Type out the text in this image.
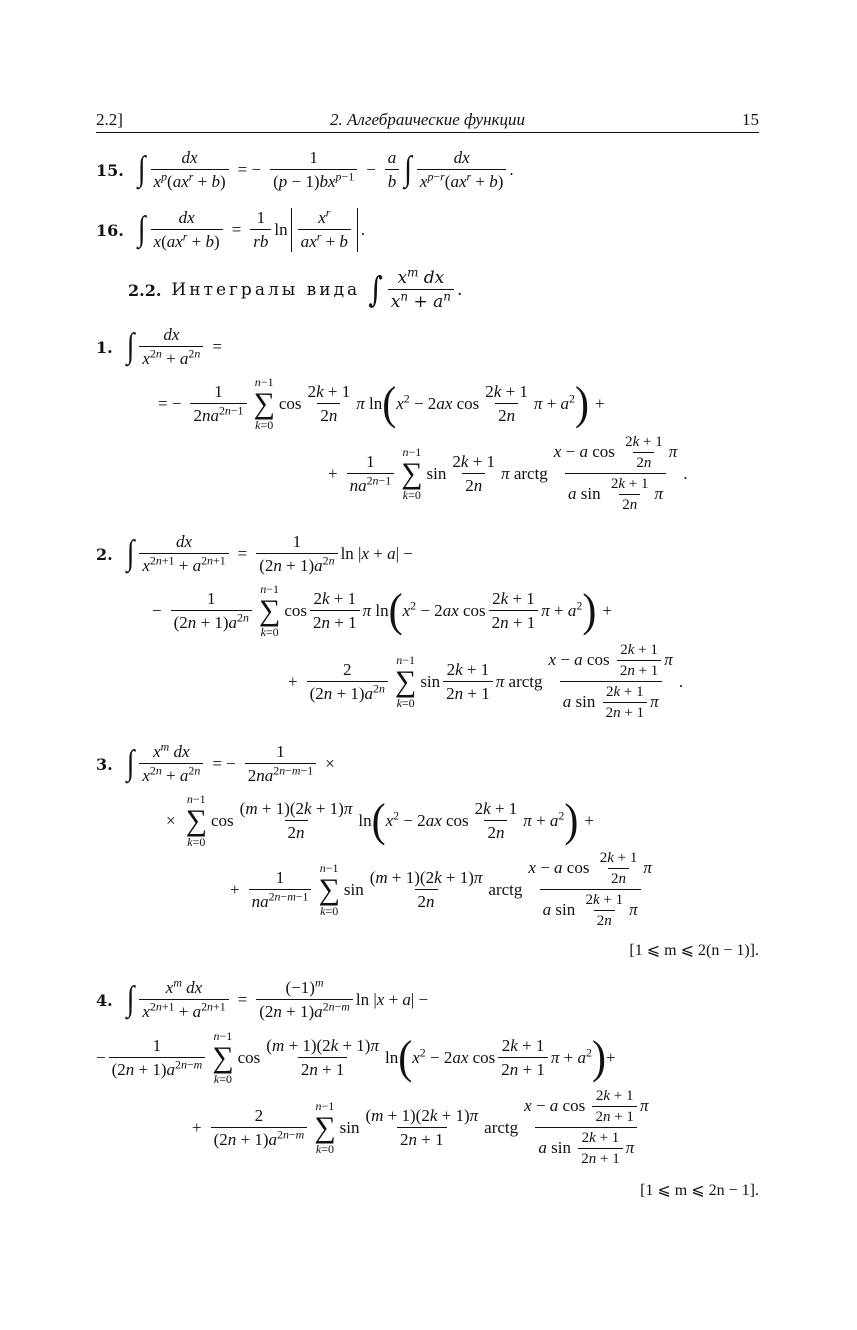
2.2]	2. Алгебраические функции	15
15. ∫ $\frac{dx}{x^p(ax^r + b)}$ = − $\frac{1}{(p - 1)bx^{p-1}} - \frac{a}{b}$ ∫ $\frac{dx}{x^{p-r}(ax^r + b)}$ .
16. ∫ $\frac{dx}{x(ax^r + b)} = \frac{1}{rb}$ $\ln \frac{x^r}{ax^r + b}$ .
2.2. Интегралы вида ∫ $\frac{x^m dx}{x^n + a^n}$ .
1. ∫ $\frac{dx}{x^{2n} + a^{2n}}$ =
= − $\frac{1}{2na^{2n-1}} n-1$
∑
k=0
$\cos \frac{2k + 1}{2n}$ π ln ( $x^2 - 2ax$ $\cos \frac{2k + 1}{2n}$ $\pi + a^2$ ) +
+ $\frac{1}{na^{2n-1}} n-1$
∑
k=0
$\sin \frac{2k + 1}{2n}$ π arctg $\frac{x - a \cos \frac{2k + 1}{2n} \pi}{a \sin \frac{2k + 1}{2n} \pi}$ .
2. ∫ $\frac{dx}{x^{2n+1} + a^{2n+1}} = \frac{1}{(2n + 1)a^{2n}}$ ln |x + a| −
− $\frac{1}{(2n + 1)a^{2n}} n-1$
∑
k=0
$\cos \frac{2k + 1}{2n + 1}$ π ln ( $x^2 - 2ax$ $\cos \frac{2k + 1}{2n + 1}$ $\pi + a^2$ ) +
+ $\frac{2}{(2n + 1)a^{2n}} n-1$
∑
k=0
$\sin \frac{2k + 1}{2n + 1}$ π arctg $\frac{x - a \cos \frac{2k + 1}{2n + 1} \pi}{a \sin \frac{2k + 1}{2n + 1} \pi}$ .
3. ∫ $\frac{x^m dx}{x^{2n} + a^{2n}}$ = − $\frac{1}{2na^{2n-m-1}}$ ×
×
n−1
∑
k=0
$\cos \frac{(m + 1)(2k + 1)\pi}{2n}$ ln ( $x^2 - 2ax$ $\cos \frac{2k + 1}{2n}$ $\pi + a^2$ ) +
+ $\frac{1}{na^{2n-m-1}} n-1$
∑
k=0
$\sin \frac{(m + 1)(2k + 1)\pi}{2n}$ arctg $\frac{x - a \cos \frac{2k + 1}{2n} \pi}{a \sin \frac{2k + 1}{2n} \pi}$
[1 ⩽ m ⩽ 2(n − 1)].
4. ∫ $\frac{x^m dx}{x^{2n+1} + a^{2n+1}} = \frac{(-1)^m}{(2n + 1)a^{2n-m}}$ ln |x + a| −
− $\frac{1}{(2n + 1)a^{2n-m}} n-1$
∑
k=0
$\cos \frac{(m + 1)(2k + 1)\pi}{2n + 1}$ ln ( $x^2 - 2ax$ $\cos \frac{2k + 1}{2n + 1}$ $\pi + a^2$ ) +
+ $\frac{2}{(2n + 1)a^{2n-m}} n-1$
∑
k=0
$\sin \frac{(m + 1)(2k + 1)\pi}{2n + 1}$ arctg $\frac{x - a \cos \frac{2k + 1}{2n + 1} \pi}{a \sin \frac{2k + 1}{2n + 1} \pi}$
[1 ⩽ m ⩽ 2n − 1].
